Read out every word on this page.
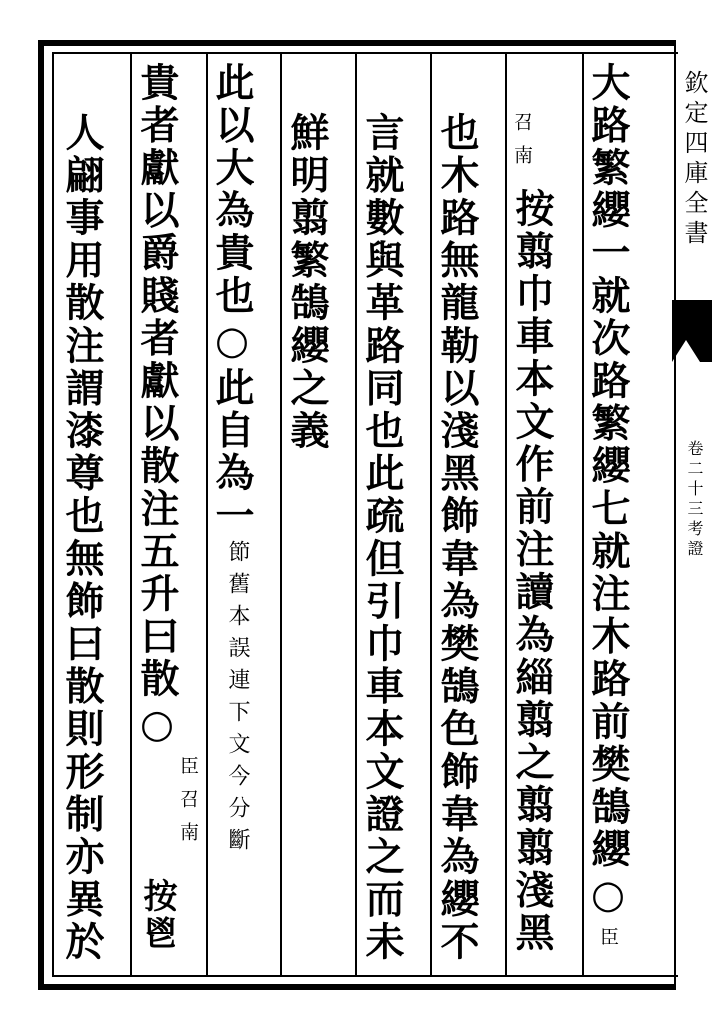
欽定四庫全書
卷二十三考證
大路繁纓一就次路繁纓七就注木路前樊鵠纓○臣
召南
按翦巾車本文作前注讀為緇翦之翦翦淺黑
也木路無龍勒以淺黑飾韋為樊鵠色飾韋為纓不
言就數與革路同也此疏但引巾車本文證之而未
鮮明翦繁鵠纓之義
此以大為貴也○此自為一
節舊本誤連下文今分斷
貴者獻以爵賤者獻以散注五升曰散○
臣召南
按鬯
人翩事用散注謂漆尊也無飾曰散則形制亦異於
